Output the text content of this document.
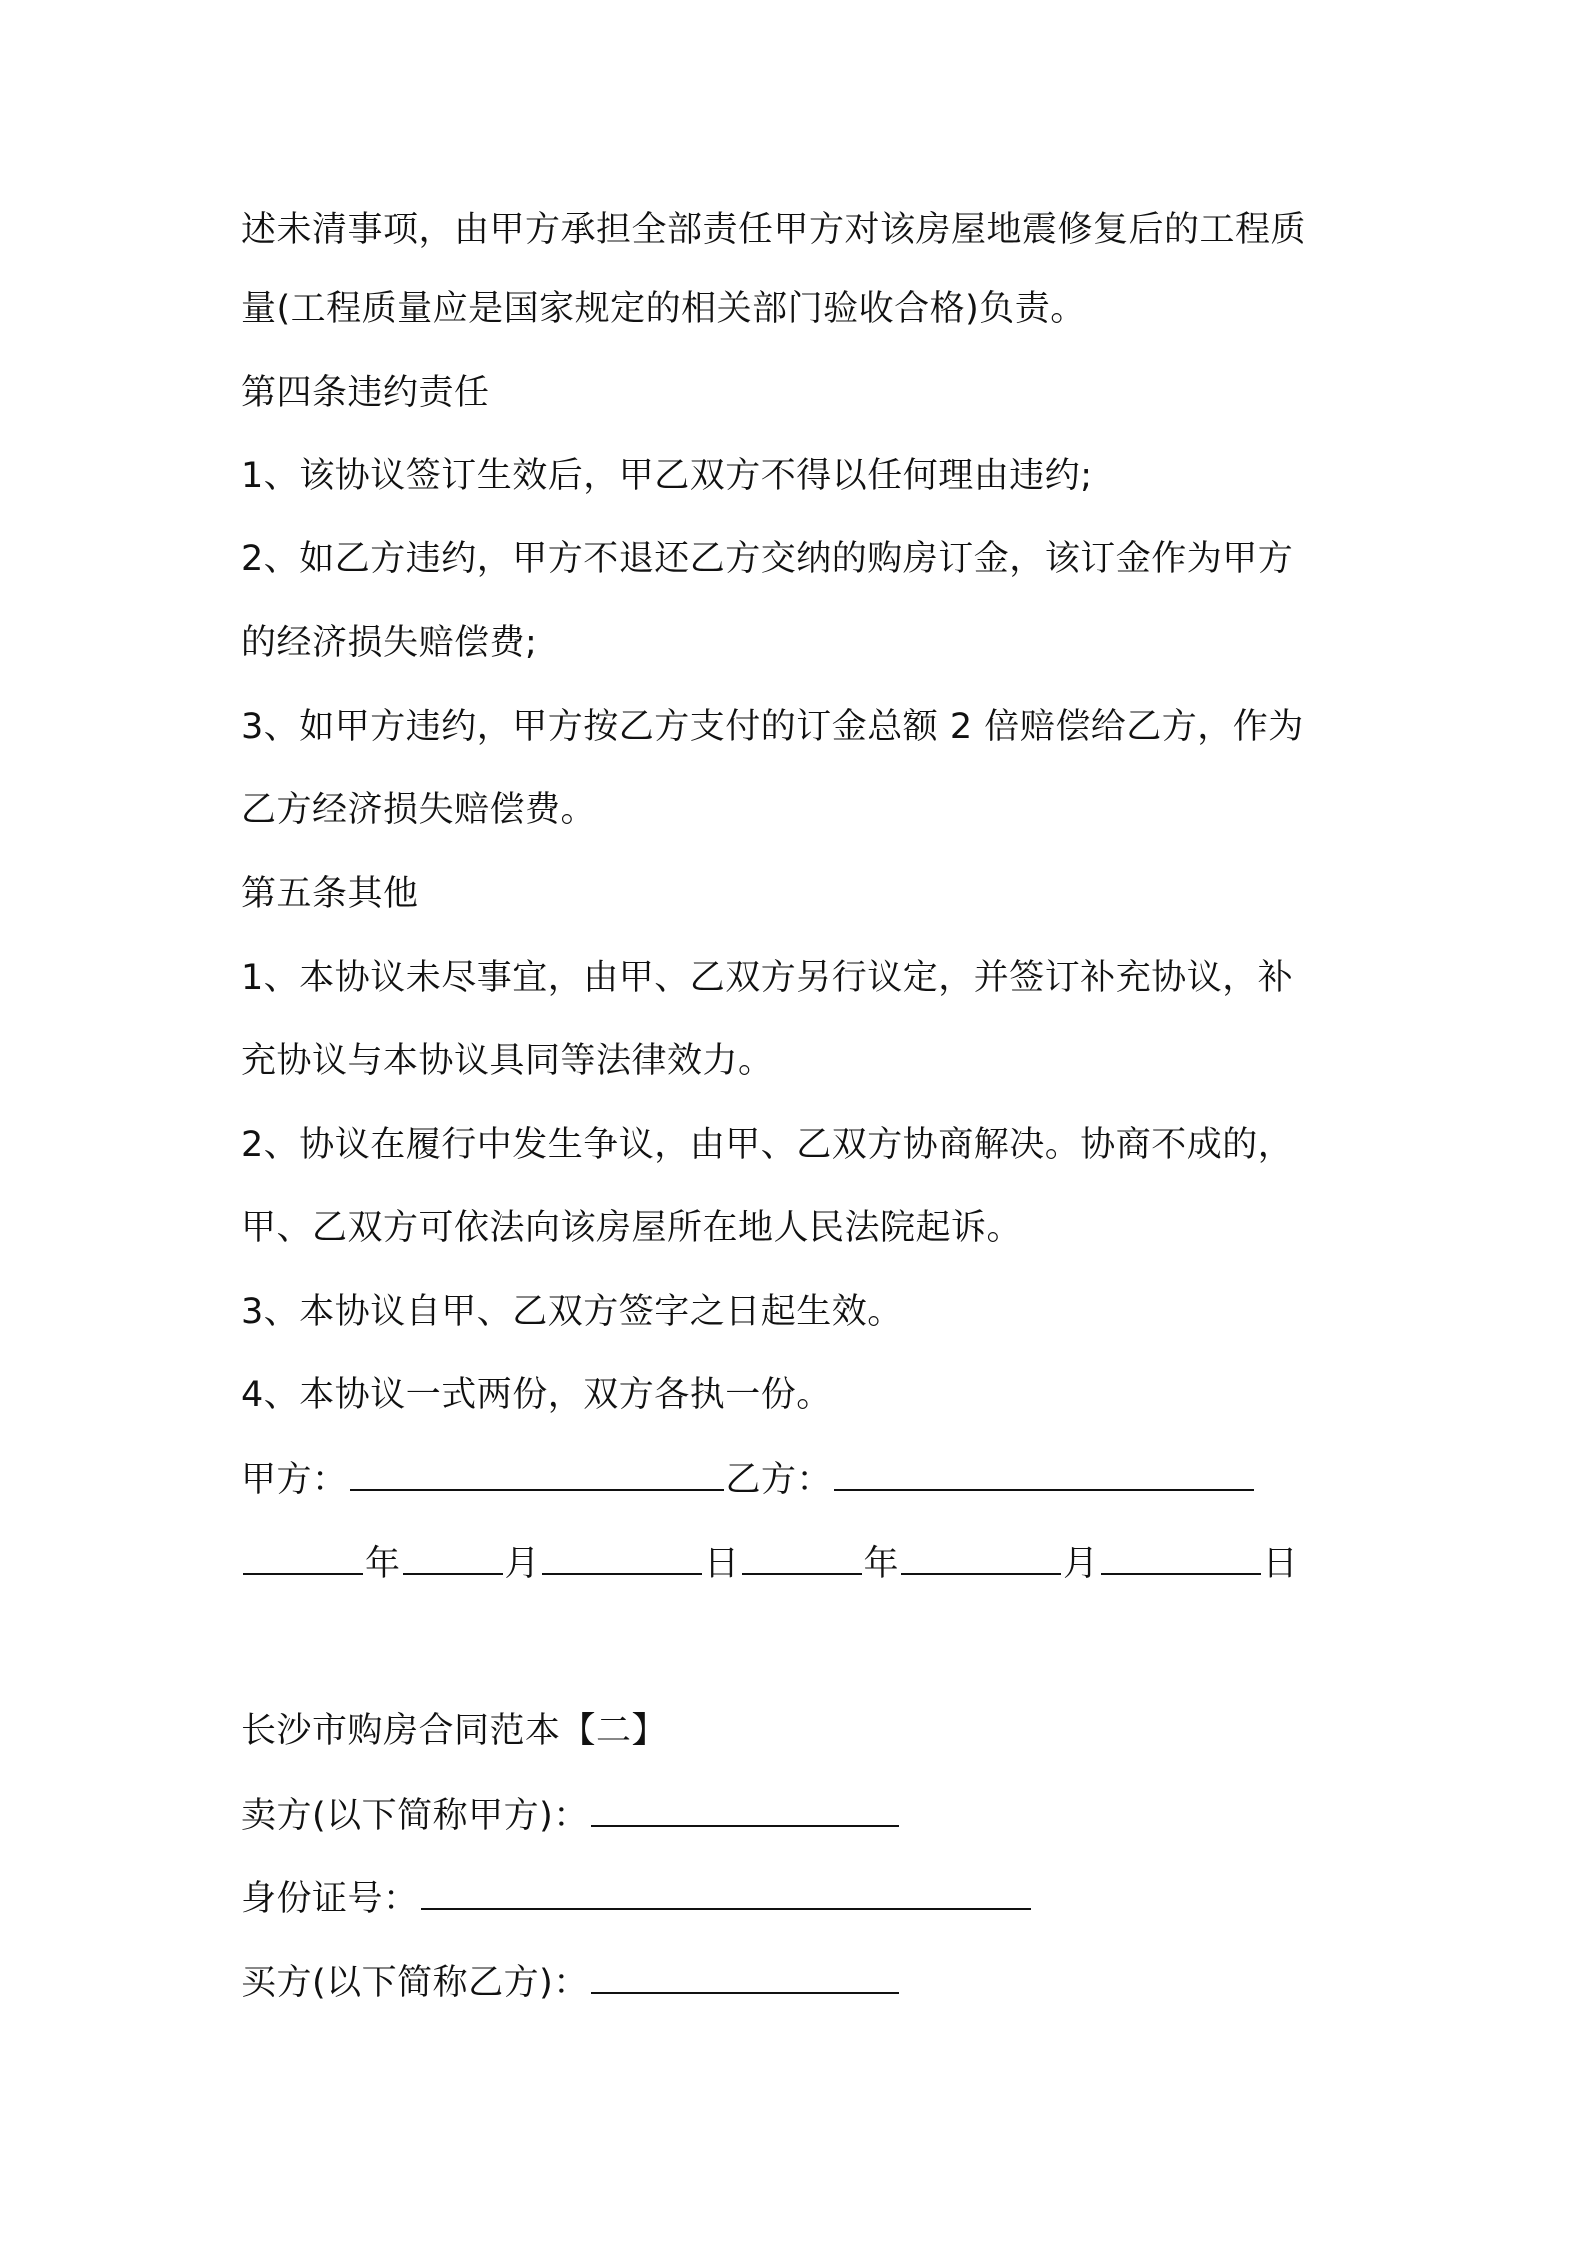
述未清事项，由甲方承担全部责任甲方对该房屋地震修复后的工程质
量(工程质量应是国家规定的相关部门验收合格)负责。
第四条违约责任
1、该协议签订生效后，甲乙双方不得以任何理由违约;
2、如乙方违约，甲方不退还乙方交纳的购房订金，该订金作为甲方
的经济损失赔偿费;
3、如甲方违约，甲方按乙方支付的订金总额 2 倍赔偿给乙方，作为
乙方经济损失赔偿费。
第五条其他
1、本协议未尽事宜，由甲、乙双方另行议定，并签订补充协议，补
充协议与本协议具同等法律效力。
2、协议在履行中发生争议，由甲、乙双方协商解决。协商不成的，
甲、乙双方可依法向该房屋所在地人民法院起诉。
3、本协议自甲、乙双方签字之日起生效。
4、本协议一式两份，双方各执一份。
甲方：	乙方：
年	月	日	年	月	日
长沙市购房合同范本【二】
卖方(以下简称甲方)：
身份证号：
买方(以下简称乙方)：
